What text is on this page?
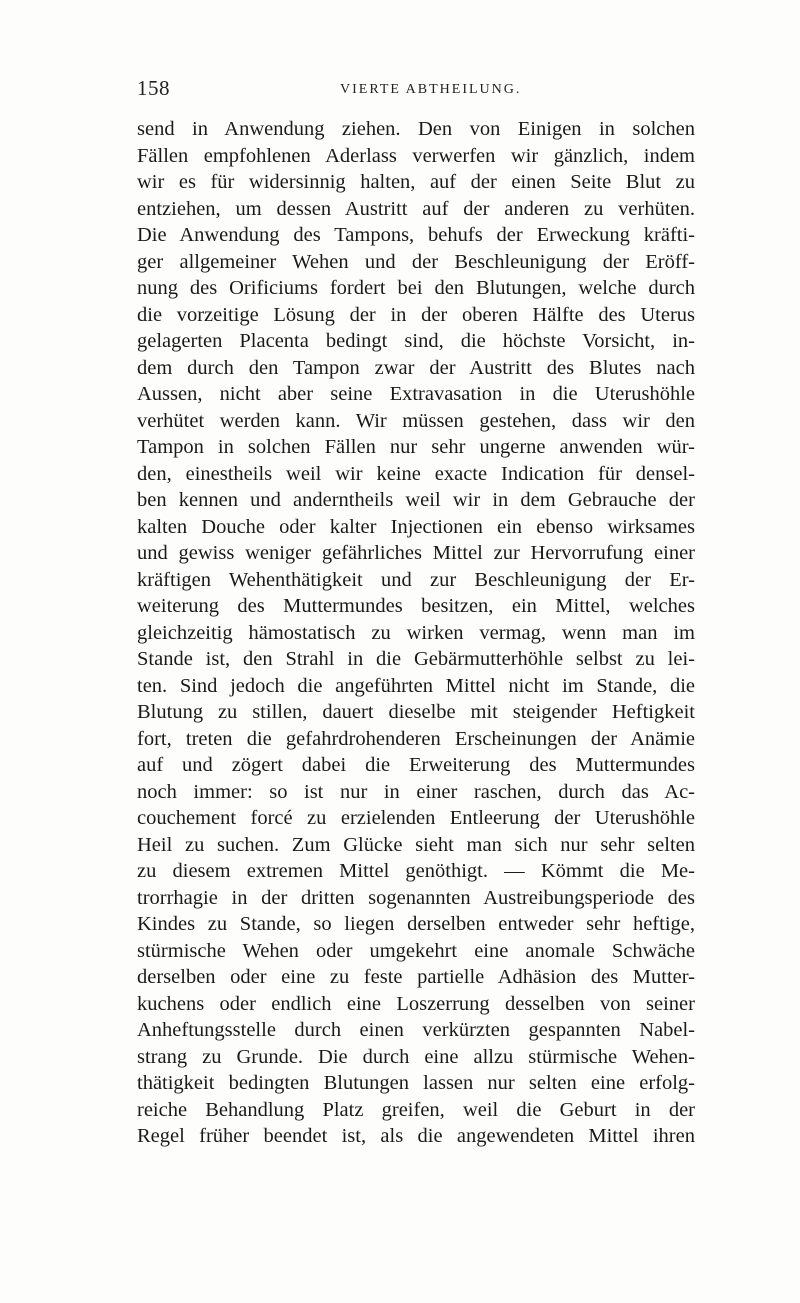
158	VIERTE ABTHEILUNG.
send in Anwendung ziehen. Den von Einigen in solchen
Fällen empfohlenen Aderlass verwerfen wir gänzlich, indem
wir es für widersinnig halten, auf der einen Seite Blut zu
entziehen, um dessen Austritt auf der anderen zu verhüten.
Die Anwendung des Tampons, behufs der Erweckung kräfti-
ger allgemeiner Wehen und der Beschleunigung der Eröff-
nung des Orificiums fordert bei den Blutungen, welche durch
die vorzeitige Lösung der in der oberen Hälfte des Uterus
gelagerten Placenta bedingt sind, die höchste Vorsicht, in-
dem durch den Tampon zwar der Austritt des Blutes nach
Aussen, nicht aber seine Extravasation in die Uterushöhle
verhütet werden kann. Wir müssen gestehen, dass wir den
Tampon in solchen Fällen nur sehr ungerne anwenden wür-
den, einestheils weil wir keine exacte Indication für densel-
ben kennen und anderntheils weil wir in dem Gebrauche der
kalten Douche oder kalter Injectionen ein ebenso wirksames
und gewiss weniger gefährliches Mittel zur Hervorrufung einer
kräftigen Wehenthätigkeit und zur Beschleunigung der Er-
weiterung des Muttermundes besitzen, ein Mittel, welches
gleichzeitig hämostatisch zu wirken vermag, wenn man im
Stande ist, den Strahl in die Gebärmutterhöhle selbst zu lei-
ten. Sind jedoch die angeführten Mittel nicht im Stande, die
Blutung zu stillen, dauert dieselbe mit steigender Heftigkeit
fort, treten die gefahrdrohenderen Erscheinungen der Anämie
auf und zögert dabei die Erweiterung des Muttermundes
noch immer: so ist nur in einer raschen, durch das Ac-
couchement forcé zu erzielenden Entleerung der Uterushöhle
Heil zu suchen. Zum Glücke sieht man sich nur sehr selten
zu diesem extremen Mittel genöthigt. — Kömmt die Me-
trorrhagie in der dritten sogenannten Austreibungsperiode des
Kindes zu Stande, so liegen derselben entweder sehr heftige,
stürmische Wehen oder umgekehrt eine anomale Schwäche
derselben oder eine zu feste partielle Adhäsion des Mutter-
kuchens oder endlich eine Loszerrung desselben von seiner
Anheftungsstelle durch einen verkürzten gespannten Nabel-
strang zu Grunde. Die durch eine allzu stürmische Wehen-
thätigkeit bedingten Blutungen lassen nur selten eine erfolg-
reiche Behandlung Platz greifen, weil die Geburt in der
Regel früher beendet ist, als die angewendeten Mittel ihren
